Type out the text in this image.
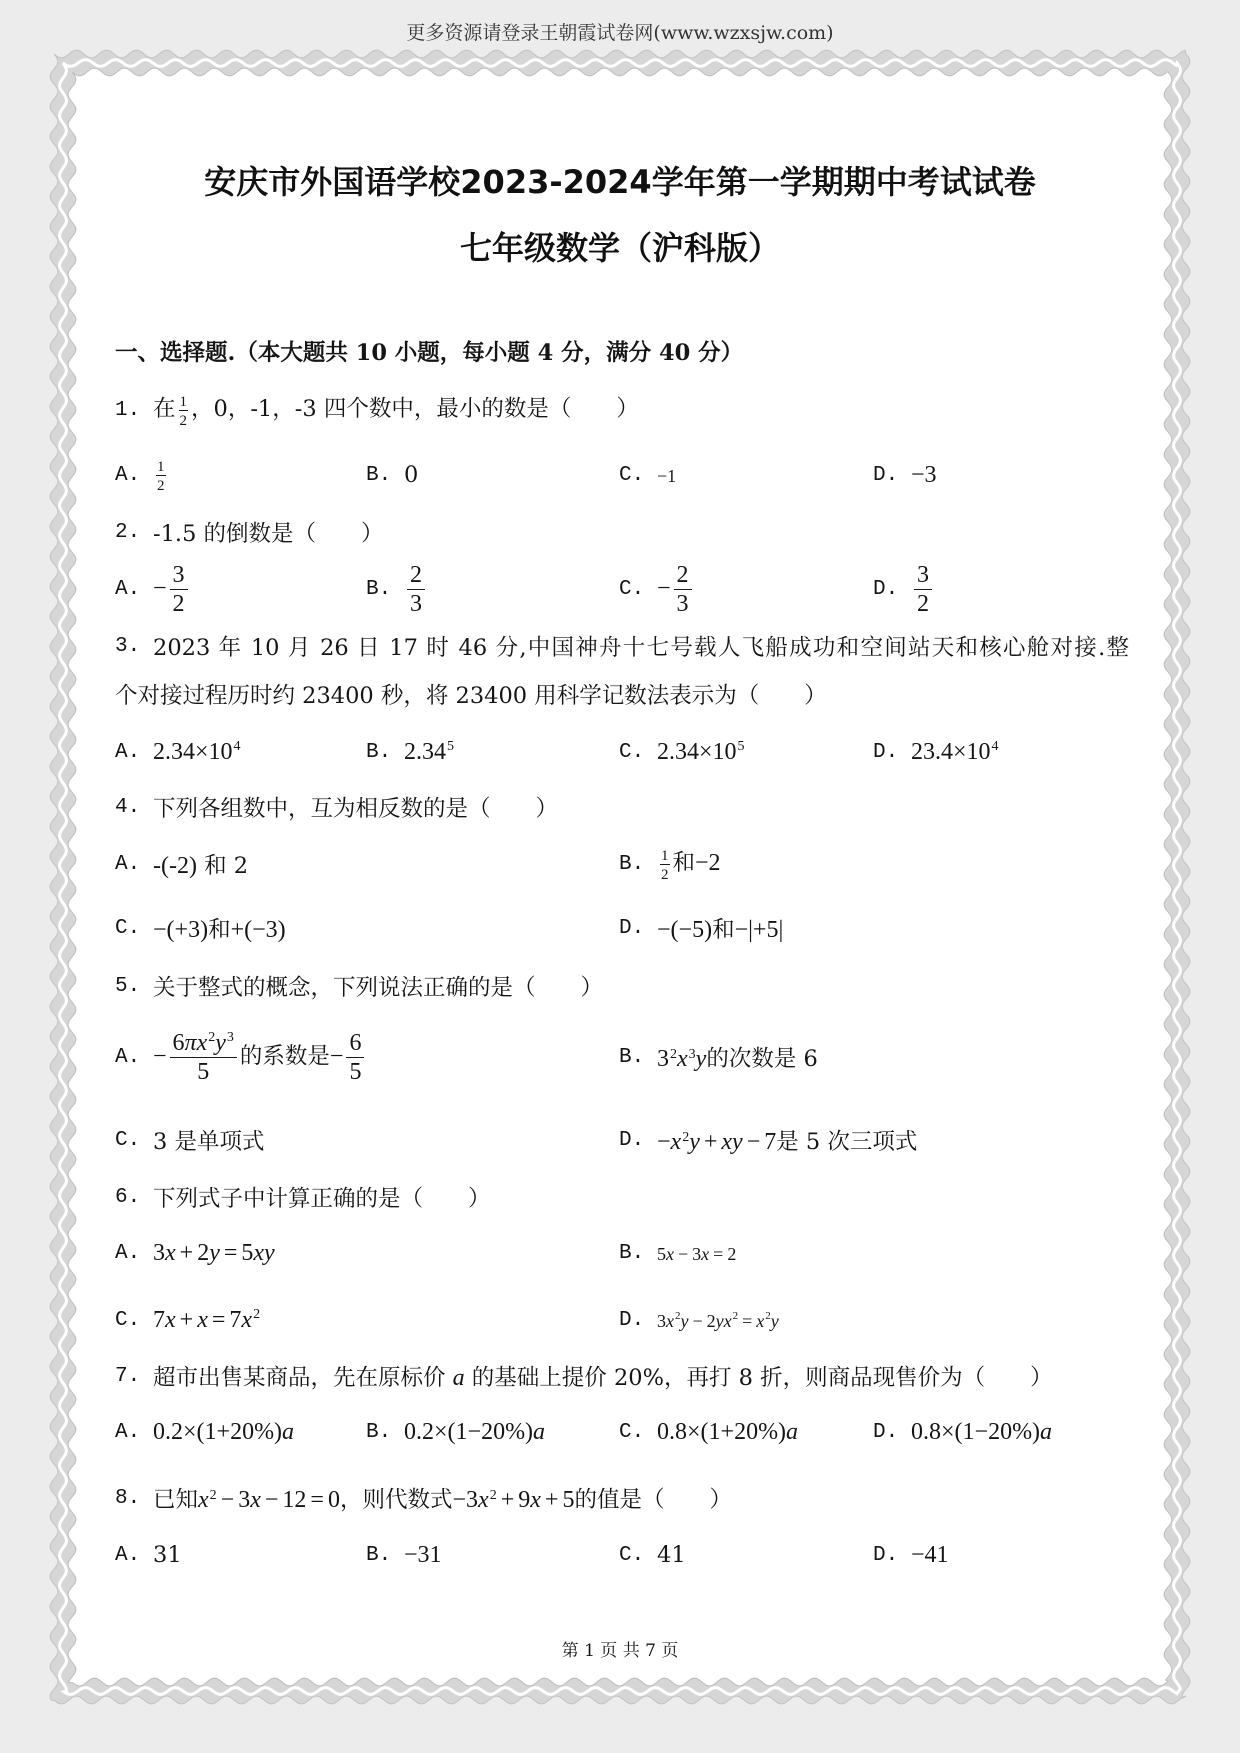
更多资源请登录王朝霞试卷网(www.wzxsjw.com)
安庆市外国语学校2023-2024学年第一学期期中考试试卷
七年级数学（沪科版）
一、选择题.（本大题共 10 小题，每小题 4 分，满分 40 分）
1. 在 $\frac{1}{2}$ ，0，-1，-3 四个数中，最小的数是（　　）
A.	$\frac{1}{2}$	B. 0	C. −1	D. −3
2. -1.5 的倒数是（　　）
A. − $\frac{3}{2}$	B. $\frac{2}{3}$	C. − $\frac{2}{3}$	D. $\frac{3}{2}$
3. 2023 年 10 月 26 日 17 时 46 分,中国神舟十七号载人飞船成功和空间站天和核心舱对接.整
个对接过程历时约 23400 秒，将 23400 用科学记数法表示为（　　）
A. $2.34\times 10^4$	B. 2.34$^5$	C. $2.34\times 10^5$	D. $23.4\times 10^4$
4. 下列各组数中，互为相反数的是（　　）
A. -(-2) 和 2	B.	$\frac{1}{2}$ 和−2
C. −(+3)和+(−3)	D. −(−5)和−|+5|
5. 关于整式的概念，下列说法正确的是（　　）
A. − $\frac{6\pi x^2y^3}{5}$ 的系数是− $\frac{6}{5}$	B. $3^2x^3y$的次数是 6
C. 3 是单项式	D. $-x^2y$ + xy − 7是 5 次三项式
6. 下列式子中计算正确的是（　　）
A. 3x + 2y = 5xy	B. 5x − 3x = 2
C. $7x + x = 7x^2$	D. $3x^2y - 2yx^2 = x^2y$
7. 超市出售某商品，先在原标价 a 的基础上提价 20%，再打 8 折，则商品现售价为（　　）
A. 0.2×(1+20%)a	B. 0.2×(1−20%)a	C. 0.8×(1+20%)a	D. 0.8×(1−20%)a
8. 已知$x^2 - 3x - 12 = 0$，则代数式$-3x^2 + 9x + 5$的值是（　　）
A. 31	B. −31	C. 41	D. −41
第 1 页 共 7 页
